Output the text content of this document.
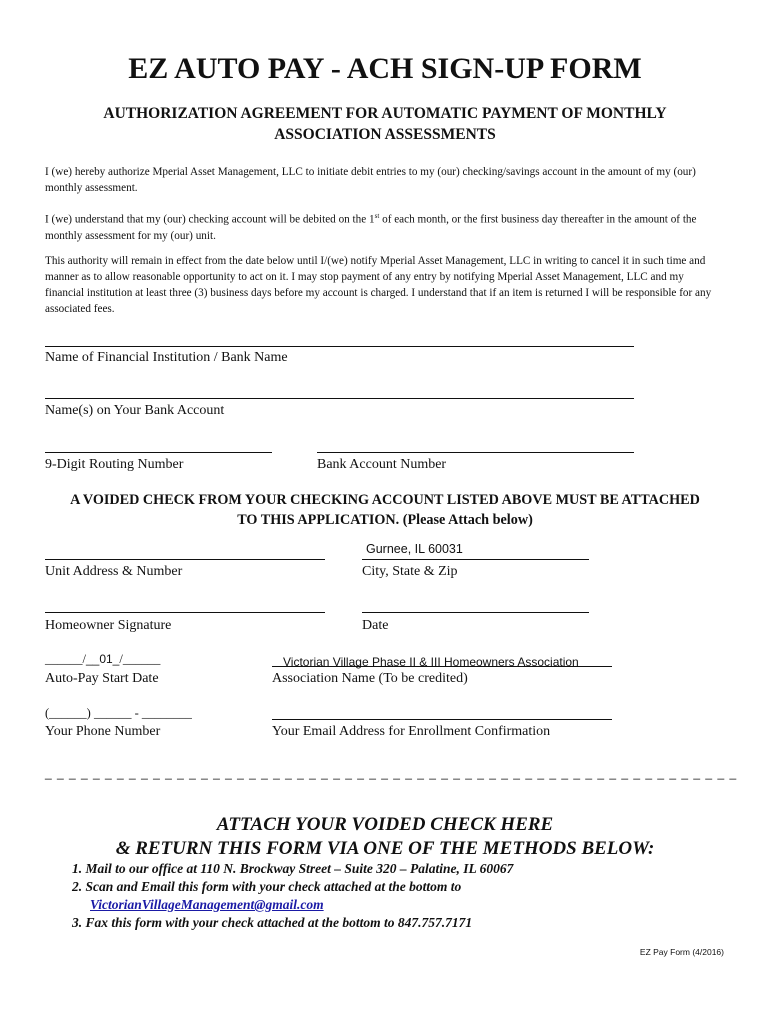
EZ AUTO PAY - ACH SIGN-UP FORM
AUTHORIZATION AGREEMENT FOR AUTOMATIC PAYMENT OF MONTHLY
ASSOCIATION ASSESSMENTS
I (we) hereby authorize Mperial Asset Management, LLC to initiate debit entries to my (our) checking/savings account in the amount of my (our) monthly assessment.
I (we) understand that my (our) checking account will be debited on the 1st of each month, or the first business day thereafter in the amount of the monthly assessment for my (our) unit.
This authority will remain in effect from the date below until I/(we) notify Mperial Asset Management, LLC in writing to cancel it in such time and manner as to allow reasonable opportunity to act on it. I may stop payment of any entry by notifying Mperial Asset Management, LLC and my financial institution at least three (3) business days before my account is charged. I understand that if an item is returned I will be responsible for any associated fees.
Name of Financial Institution / Bank Name
Name(s) on Your Bank Account
9-Digit Routing Number	Bank Account Number
A VOIDED CHECK FROM YOUR CHECKING ACCOUNT LISTED ABOVE MUST BE ATTACHED
TO THIS APPLICATION. (Please Attach below)
Unit Address & Number
Gurnee, IL 60031
City, State & Zip
Homeowner Signature	Date
______/__01_/______
Auto-Pay Start Date
Victorian Village Phase II & III Homeowners Association
Association Name (To be credited)
(______) ______ - ________
Your Phone Number	Your Email Address for Enrollment Confirmation
_ _ _ _ _ _ _ _ _ _ _ _ _ _ _ _ _ _ _ _ _ _ _ _ _ _ _ _ _ _ _ _ _ _ _ _ _ _ _ _ _ _ _ _ _ _ _ _ _ _ _ _ _ _ _ _ _ _
ATTACH YOUR VOIDED CHECK HERE
& RETURN THIS FORM VIA ONE OF THE METHODS BELOW:
1. Mail to our office at 110 N. Brockway Street – Suite 320 – Palatine, IL 60067
2. Scan and Email this form with your check attached at the bottom to
VictorianVillageManagement@gmail.com
3. Fax this form with your check attached at the bottom to 847.757.7171
EZ Pay Form (4/2016)
